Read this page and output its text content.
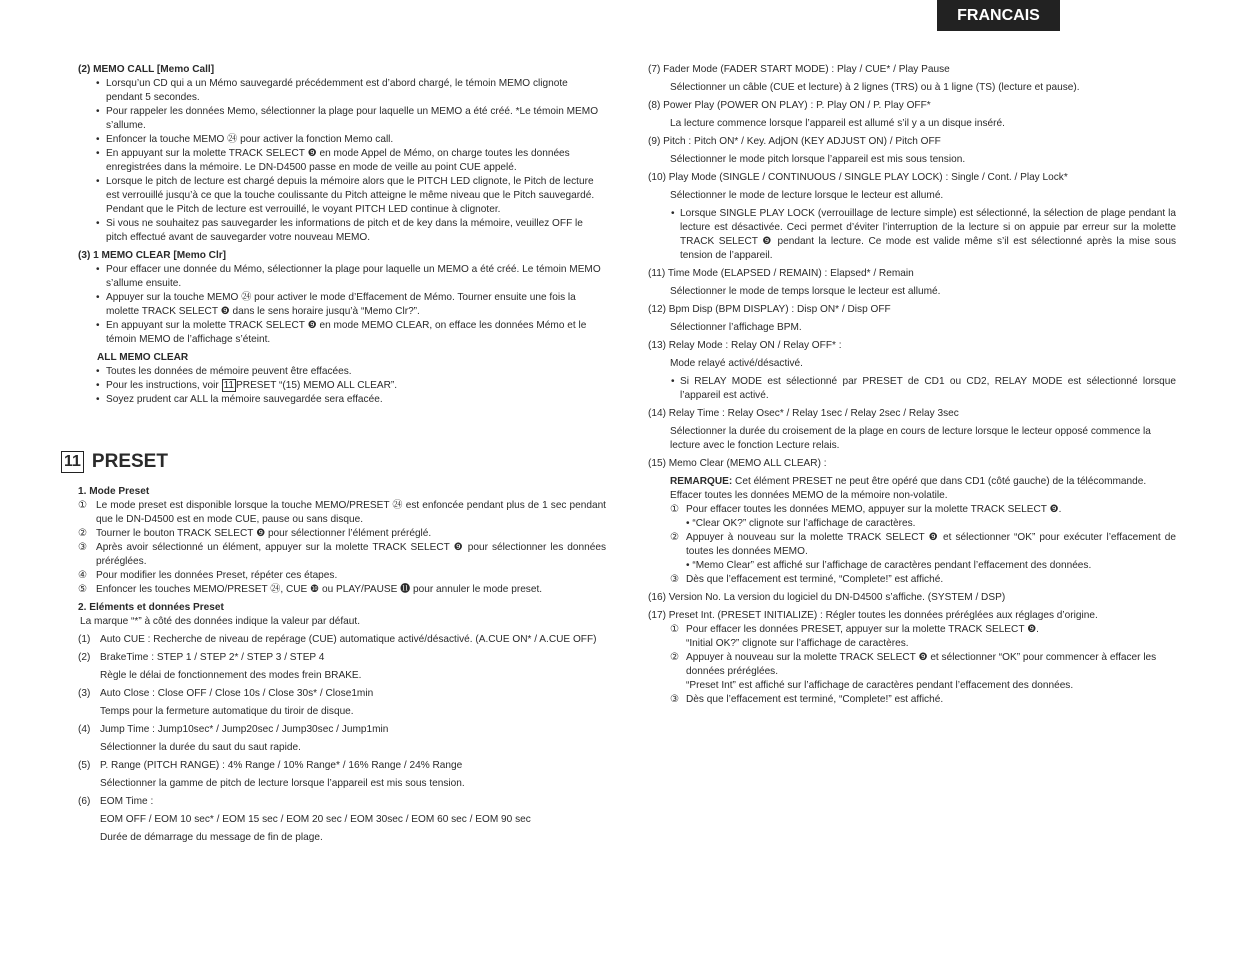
FRANCAIS

(2) MEMO CALL [Memo Call]

• Lorsqu’un CD qui a un Mémo sauvegardé précédemment est d’abord chargé, le témoin MEMO clignote pendant 5 secondes.

• Pour rappeler les données Memo, sélectionner la plage pour laquelle un MEMO a été créé. *Le témoin MEMO s’allume.

• Enfoncer la touche MEMO ㉔ pour activer la fonction Memo call.

• En appuyant sur la molette TRACK SELECT ❾ en mode Appel de Mémo, on charge toutes les données enregistrées dans la mémoire. Le DN-D4500 passe en mode de veille au point CUE appelé.

• Lorsque le pitch de lecture est chargé depuis la mémoire alors que le PITCH LED clignote, le Pitch de lecture est verrouillé jusqu’à ce que la touche coulissante du Pitch atteigne le même niveau que le Pitch sauvegardé. Pendant que le Pitch de lecture est verrouillé, le voyant PITCH LED continue à clignoter.

• Si vous ne souhaitez pas sauvegarder les informations de pitch et de key dans la mémoire, veuillez OFF le pitch effectué avant de sauvegarder votre nouveau MEMO.

(3) 1 MEMO CLEAR [Memo Clr]

• Pour effacer une donnée du Mémo, sélectionner la plage pour laquelle un MEMO a été créé. Le témoin MEMO s’allume ensuite.

• Appuyer sur la touche MEMO ㉔ pour activer le mode d’Effacement de Mémo. Tourner ensuite une fois la molette TRACK SELECT ❾ dans le sens horaire jusqu’à “Memo Clr?”.

• En appuyant sur la molette TRACK SELECT ❾ en mode MEMO CLEAR, on efface les données Mémo et le témoin MEMO de l’affichage s’éteint.

ALL MEMO CLEAR

• Toutes les données de mémoire peuvent être effacées.

• Pour les instructions, voir 11 PRESET “(15) MEMO ALL CLEAR”.

• Soyez prudent car ALL la mémoire sauvegardée sera effacée.

11 PRESET

1. Mode Preset

① Le mode preset est disponible lorsque la touche MEMO/PRESET ㉔ est enfoncée pendant plus de 1 sec pendant que le DN-D4500 est en mode CUE, pause ou sans disque.

② Tourner le bouton TRACK SELECT ❾ pour sélectionner l’élément préréglé.

③ Après avoir sélectionné un élément, appuyer sur la molette TRACK SELECT ❾ pour sélectionner les données préréglées.

④ Pour modifier les données Preset, répéter ces étapes.

⑤ Enfoncer les touches MEMO/PRESET ㉔, CUE ❿ ou PLAY/PAUSE ⓫ pour annuler le mode preset.

2. Eléments et données Preset

La marque “*” à côté des données indique la valeur par défaut.

(1) Auto CUE : Recherche de niveau de repérage (CUE) automatique activé/désactivé. (A.CUE ON* / A.CUE OFF)
(2) BrakeTime : STEP 1 / STEP 2* / STEP 3 / STEP 4

Règle le délai de fonctionnement des modes frein BRAKE.

(3) Auto Close : Close OFF / Close 10s / Close 30s* / Close1min

Temps pour la fermeture automatique du tiroir de disque.

(4) Jump Time : Jump10sec* / Jump20sec / Jump30sec / Jump1min

Sélectionner la durée du saut du saut rapide.

(5) P. Range (PITCH RANGE) : 4% Range / 10% Range* / 16% Range / 24% Range

Sélectionner la gamme de pitch de lecture lorsque l’appareil est mis sous tension.

(6) EOM Time :

EOM OFF / EOM 10 sec* / EOM 15 sec / EOM 20 sec / EOM 30sec / EOM 60 sec / EOM 90 sec

Durée de démarrage du message de fin de plage.

(7) Fader Mode (FADER START MODE) : Play / CUE* / Play Pause

Sélectionner un câble (CUE et lecture) à 2 lignes (TRS) ou à 1 ligne (TS) (lecture et pause).

(8) Power Play (POWER ON PLAY) : P. Play ON / P. Play OFF*

La lecture commence lorsque l’appareil est allumé s’il y a un disque inséré.

(9) Pitch : Pitch ON* / Key. AdjON (KEY ADJUST ON) / Pitch OFF

Sélectionner le mode pitch lorsque l’appareil est mis sous tension.

(10) Play Mode (SINGLE / CONTINUOUS / SINGLE PLAY LOCK) : Single / Cont. / Play Lock*

Sélectionner le mode de lecture lorsque le lecteur est allumé.

• Lorsque SINGLE PLAY LOCK (verrouillage de lecture simple) est sélectionné, la sélection de plage pendant la lecture est désactivée. Ceci permet d’éviter l’interruption de la lecture si on appuie par erreur sur la molette TRACK SELECT ❾ pendant la lecture. Ce mode est valide même s’il est sélectionné après la mise sous tension de l’appareil.

(11) Time Mode (ELAPSED / REMAIN) : Elapsed* / Remain

Sélectionner le mode de temps lorsque le lecteur est allumé.

(12) Bpm Disp (BPM DISPLAY) : Disp ON* / Disp OFF

Sélectionner l’affichage BPM.

(13) Relay Mode : Relay ON / Relay OFF* :

Mode relayé activé/désactivé.

• Si RELAY MODE est sélectionné par PRESET de CD1 ou CD2, RELAY MODE est sélectionné lorsque l’appareil est activé.

(14) Relay Time : Relay Osec* / Relay 1sec / Relay 2sec / Relay 3sec

Sélectionner la durée du croisement de la plage en cours de lecture lorsque le lecteur opposé commence la lecture avec le fonction Lecture relais.

(15) Memo Clear (MEMO ALL CLEAR) :

REMARQUE: Cet élément PRESET ne peut être opéré que dans CD1 (côté gauche) de la télécommande. Effacer toutes les données MEMO de la mémoire non-volatile.

① Pour effacer toutes les données MEMO, appuyer sur la molette TRACK SELECT ❾.

• “Clear OK?” clignote sur l’affichage de caractères.

② Appuyer à nouveau sur la molette TRACK SELECT ❾ et sélectionner “OK” pour exécuter l’effacement de toutes les données MEMO.

• “Memo Clear” est affiché sur l’affichage de caractères pendant l’effacement des données.

③ Dès que l’effacement est terminé, “Complete!” est affiché.

(16) Version No. La version du logiciel du DN-D4500 s’affiche. (SYSTEM / DSP)

(17) Preset Int. (PRESET INITIALIZE) : Régler toutes les données préréglées aux réglages d’origine.

① Pour effacer les données PRESET, appuyer sur la molette TRACK SELECT ❾.

“Initial OK?” clignote sur l’affichage de caractères.

② Appuyer à nouveau sur la molette TRACK SELECT ❾ et sélectionner “OK” pour commencer à effacer les données préréglées.

“Preset Int” est affiché sur l’affichage de caractères pendant l’effacement des données.

③ Dès que l’effacement est terminé, “Complete!” est affiché.
